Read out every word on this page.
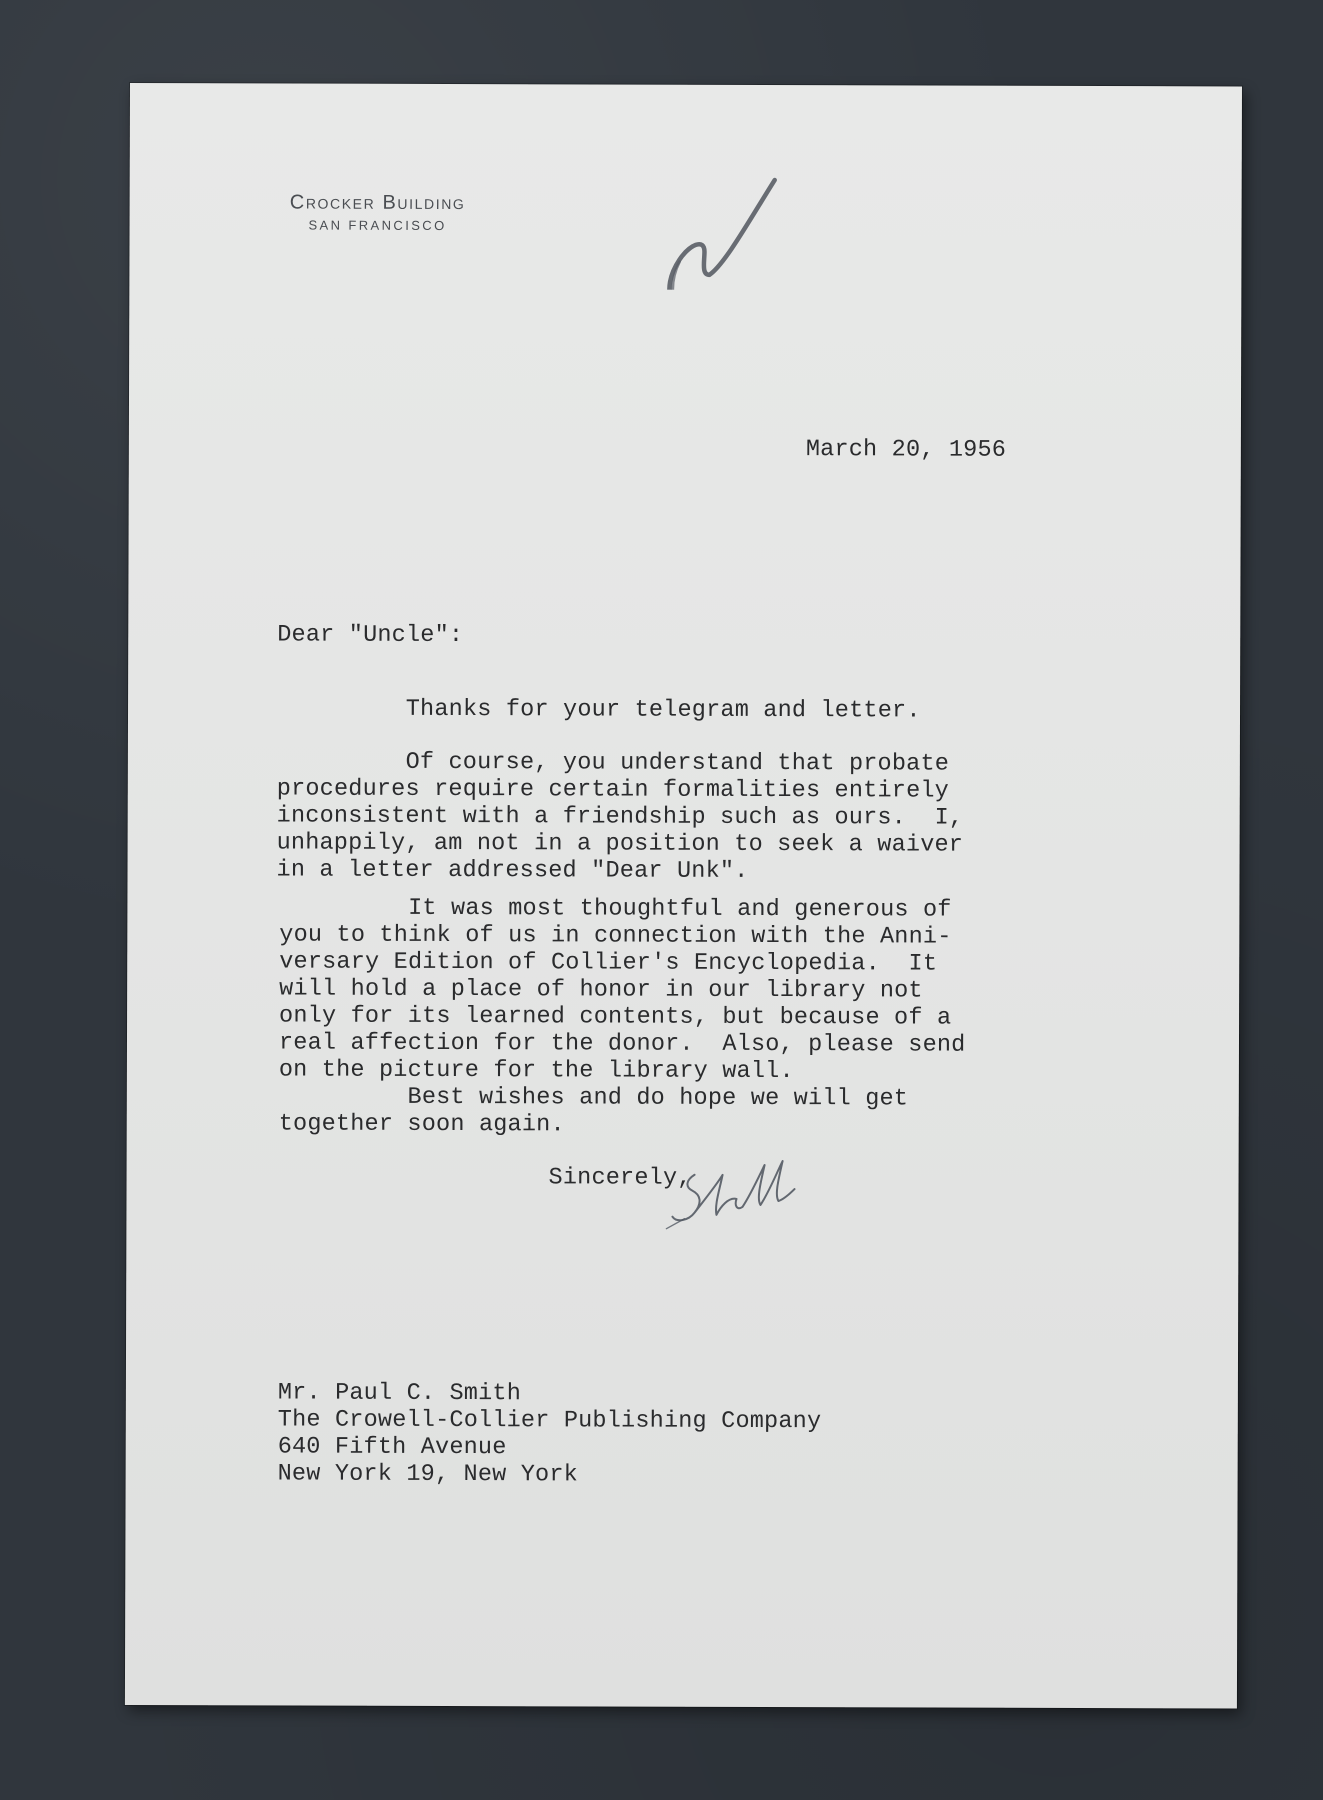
Crocker Building
SAN FRANCISCO
March 20, 1956
Dear "Uncle":
Thanks for your telegram and letter.
Of course, you understand that probate
procedures require certain formalities entirely
inconsistent with a friendship such as ours.  I,
unhappily, am not in a position to seek a waiver
in a letter addressed "Dear Unk".
It was most thoughtful and generous of
you to think of us in connection with the Anni-
versary Edition of Collier's Encyclopedia.  It
will hold a place of honor in our library not
only for its learned contents, but because of a
real affection for the donor.  Also, please send
on the picture for the library wall.
Best wishes and do hope we will get
together soon again.
Sincerely,
Mr. Paul C. Smith
The Crowell-Collier Publishing Company
640 Fifth Avenue
New York 19, New York
